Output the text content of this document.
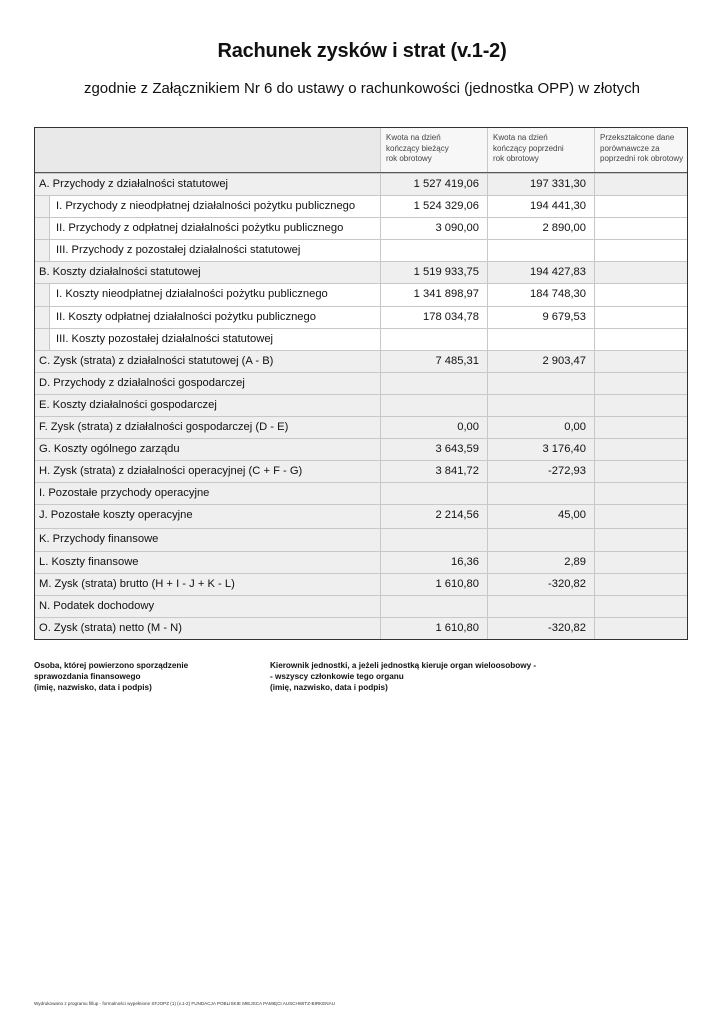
Rachunek zysków i strat (v.1-2)
zgodnie z Załącznikiem Nr 6 do ustawy o rachunkowości (jednostka OPP) w złotych
Kwota na dzień
kończący bieżący
rok obrotowy
Kwota na dzień
kończący poprzedni
rok obrotowy
Przekształcone dane
porównawcze za
poprzedni rok obrotowy
A. Przychody z działalności statutowej	1 527 419,06	197 331,30
I. Przychody z nieodpłatnej działalności pożytku publicznego	1 524 329,06	194 441,30
II. Przychody z odpłatnej działalności pożytku publicznego	3 090,00	2 890,00
III. Przychody z pozostałej działalności statutowej
B. Koszty działalności statutowej	1 519 933,75	194 427,83
I. Koszty nieodpłatnej działalności pożytku publicznego	1 341 898,97	184 748,30
II. Koszty odpłatnej działalności pożytku publicznego	178 034,78	9 679,53
III. Koszty pozostałej działalności statutowej
C. Zysk (strata) z działalności statutowej (A - B)	7 485,31	2 903,47
D. Przychody z działalności gospodarczej
E. Koszty działalności gospodarczej
F. Zysk (strata) z działalności gospodarczej (D - E)	0,00	0,00
G. Koszty ogólnego zarządu	3 643,59	3 176,40
H. Zysk (strata) z działalności operacyjnej (C + F - G)	3 841,72	-272,93
I. Pozostałe przychody operacyjne
J. Pozostałe koszty operacyjne	2 214,56	45,00
K. Przychody finansowe
L. Koszty finansowe	16,36	2,89
M. Zysk (strata) brutto (H + I - J + K - L)	1 610,80	-320,82
N. Podatek dochodowy
O. Zysk (strata) netto (M - N)	1 610,80	-320,82
Osoba, której powierzono sporządzenie
sprawozdania finansowego
(imię, nazwisko, data i podpis)
Kierownik jednostki, a jeżeli jednostką kieruje organ wieloosobowy -
- wszyscy członkowie tego organu
(imię, nazwisko, data i podpis)
Wydrukowano z programu fillup - formalności wypełnione SFJOPZ (1) (v.1-2) FUNDACJA POBLISKIE MIEJSCA PAMIĘCI AUSCHWITZ-BIRKENAU
